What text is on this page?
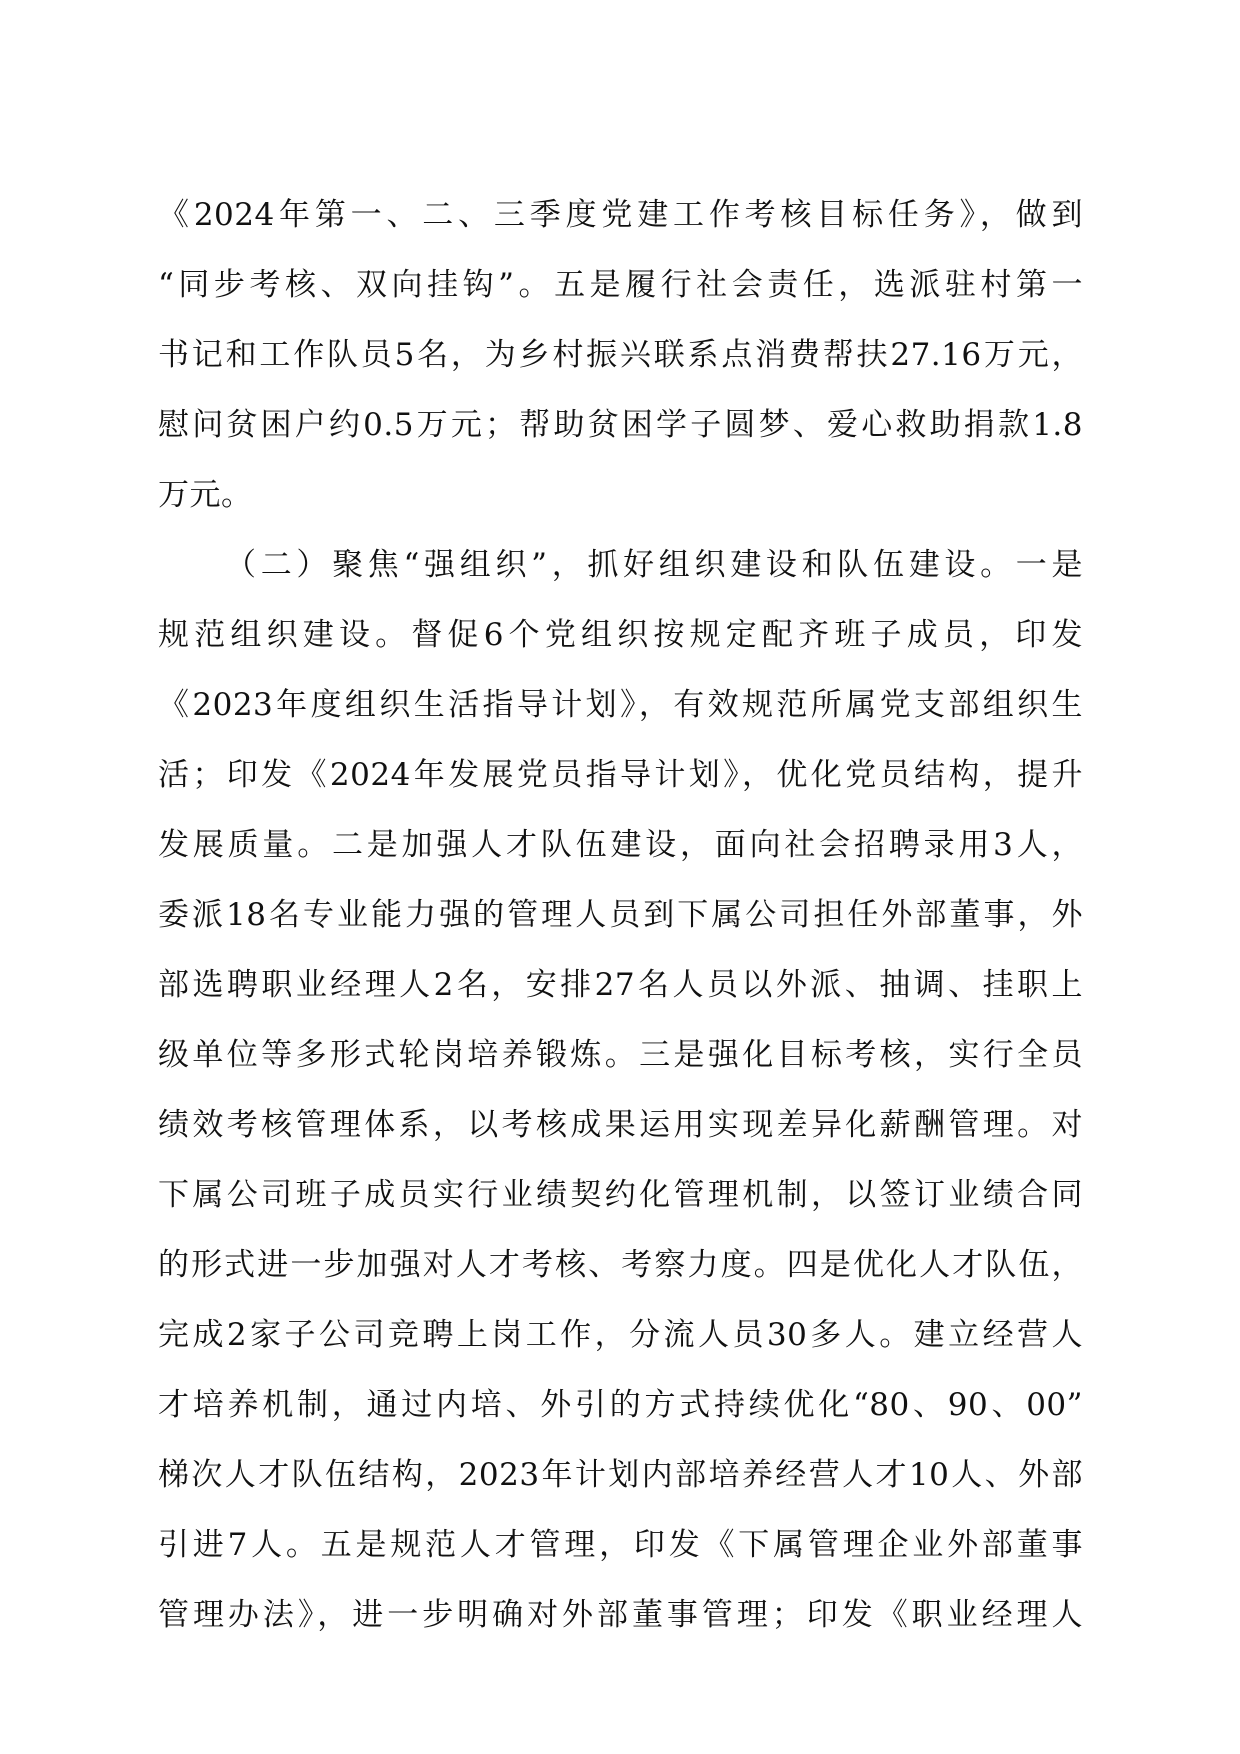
《2024年第一、二、三季度党建工作考核目标任务》，做到
“同步考核、双向挂钩”。五是履行社会责任，选派驻村第一
书记和工作队员5名，为乡村振兴联系点消费帮扶27.16万元，
慰问贫困户约0.5万元；帮助贫困学子圆梦、爱心救助捐款1.8
万元。
（二）聚焦“强组织”，抓好组织建设和队伍建设。一是
规范组织建设。督促6个党组织按规定配齐班子成员，印发
《2023年度组织生活指导计划》，有效规范所属党支部组织生
活；印发《2024年发展党员指导计划》，优化党员结构，提升
发展质量。二是加强人才队伍建设，面向社会招聘录用3人，
委派18名专业能力强的管理人员到下属公司担任外部董事，外
部选聘职业经理人2名，安排27名人员以外派、抽调、挂职上
级单位等多形式轮岗培养锻炼。三是强化目标考核，实行全员
绩效考核管理体系，以考核成果运用实现差异化薪酬管理。对
下属公司班子成员实行业绩契约化管理机制，以签订业绩合同
的形式进一步加强对人才考核、考察力度。四是优化人才队伍，
完成2家子公司竞聘上岗工作，分流人员30多人。建立经营人
才培养机制，通过内培、外引的方式持续优化“80、90、00”
梯次人才队伍结构，2023年计划内部培养经营人才10人、外部
引进7人。五是规范人才管理，印发《下属管理企业外部董事
管理办法》，进一步明确对外部董事管理；印发《职业经理人
